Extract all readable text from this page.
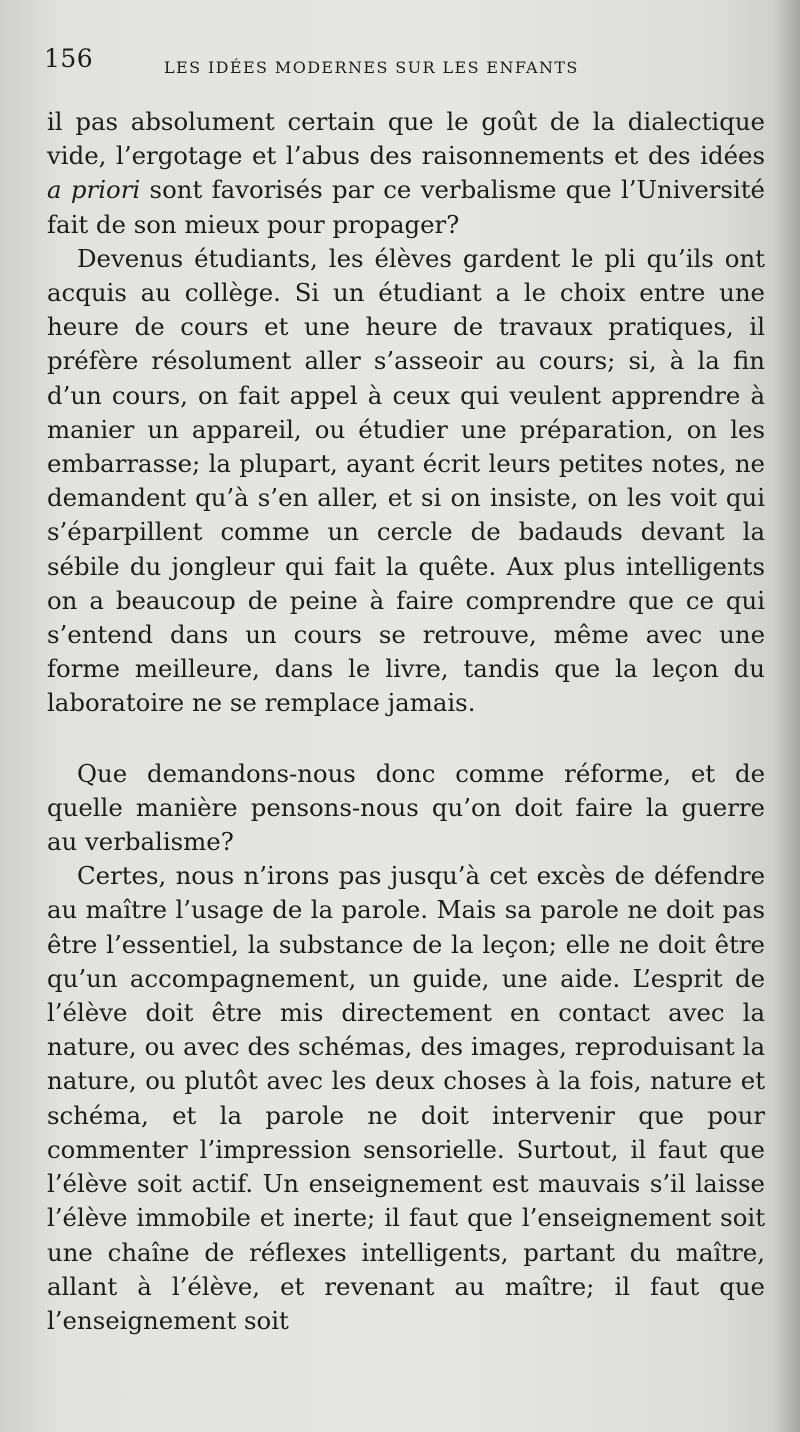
156	LES IDÉES MODERNES SUR LES ENFANTS

il pas absolument certain que le goût de la dialectique vide, l’ergotage et l’abus des raisonnements et des idées a priori sont favorisés par ce verbalisme que l’Université fait de son mieux pour propager?

Devenus étudiants, les élèves gardent le pli qu’ils ont acquis au collège. Si un étudiant a le choix entre une heure de cours et une heure de travaux pratiques, il préfère résolument aller s’asseoir au cours; si, à la fin d’un cours, on fait appel à ceux qui veulent apprendre à manier un appareil, ou étudier une préparation, on les embarrasse; la plupart, ayant écrit leurs petites notes, ne demandent qu’à s’en aller, et si on insiste, on les voit qui s’éparpillent comme un cercle de badauds devant la sébile du jongleur qui fait la quête. Aux plus intelligents on a beaucoup de peine à faire comprendre que ce qui s’entend dans un cours se retrouve, même avec une forme meilleure, dans le livre, tandis que la leçon du laboratoire ne se remplace jamais.

Que demandons-nous donc comme réforme, et de quelle manière pensons-nous qu’on doit faire la guerre au verbalisme?

Certes, nous n’irons pas jusqu’à cet excès de défendre au maître l’usage de la parole. Mais sa parole ne doit pas être l’essentiel, la substance de la leçon; elle ne doit être qu’un accompagnement, un guide, une aide. L’esprit de l’élève doit être mis directement en contact avec la nature, ou avec des schémas, des images, reproduisant la nature, ou plutôt avec les deux choses à la fois, nature et schéma, et la parole ne doit intervenir que pour commenter l’impression sensorielle. Surtout, il faut que l’élève soit actif. Un enseignement est mauvais s’il laisse l’élève immobile et inerte; il faut que l’enseignement soit une chaîne de réflexes intelligents, partant du maître, allant à l’élève, et revenant au maître; il faut que l’enseignement soit
